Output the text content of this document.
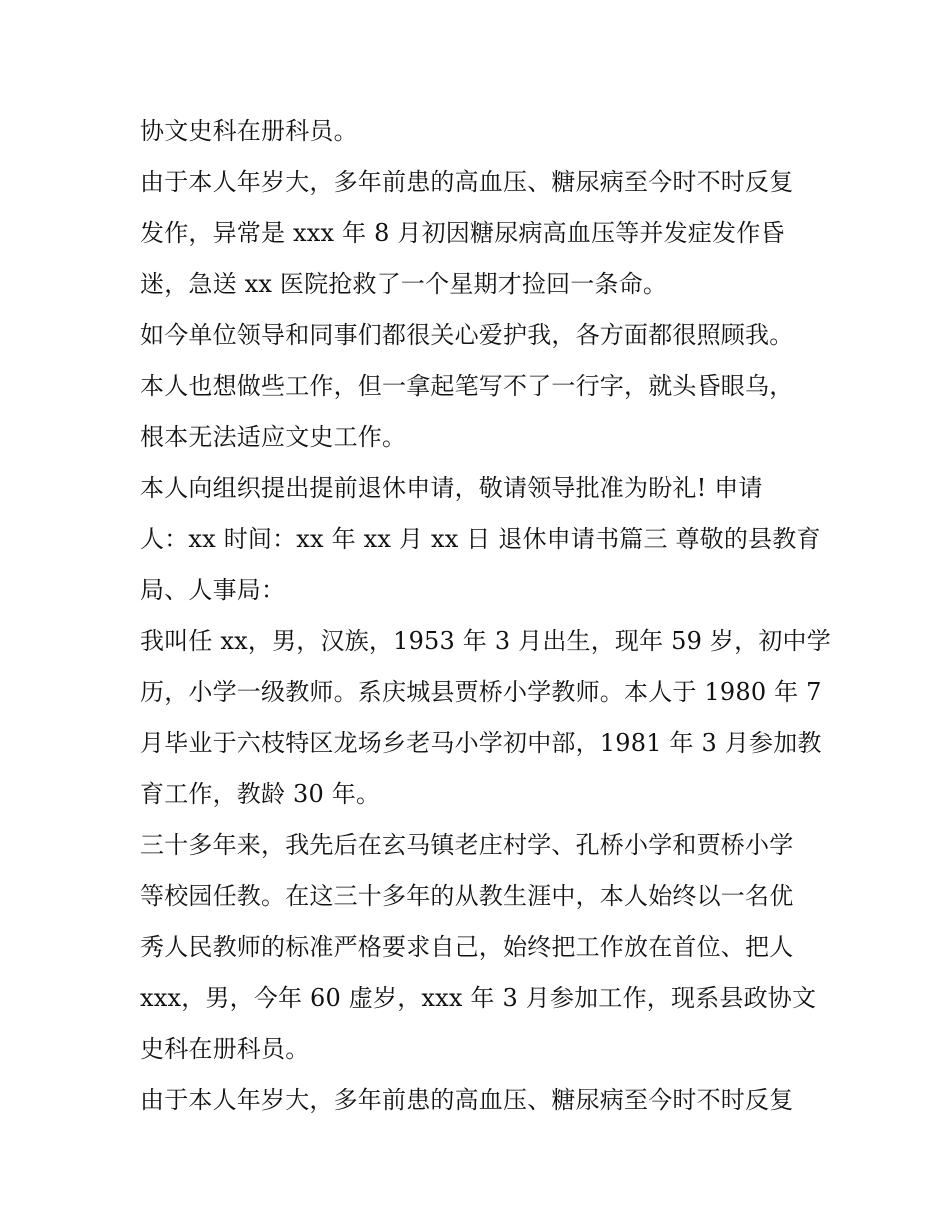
协文史科在册科员。
由于本人年岁大，多年前患的高血压、糖尿病至今时不时反复
发作，异常是 xxx 年 8 月初因糖尿病高血压等并发症发作昏
迷，急送 xx 医院抢救了一个星期才捡回一条命。
如今单位领导和同事们都很关心爱护我，各方面都很照顾我。
本人也想做些工作，但一拿起笔写不了一行字，就头昏眼乌，
根本无法适应文史工作。
本人向组织提出提前退休申请，敬请领导批准为盼礼! 申请
人：xx 时间：xx 年 xx 月 xx 日 退休申请书篇三 尊敬的县教育
局、人事局：
我叫任 xx，男，汉族，1953 年 3 月出生，现年 59 岁，初中学
历，小学一级教师。系庆城县贾桥小学教师。本人于 1980 年 7
月毕业于六枝特区龙场乡老马小学初中部，1981 年 3 月参加教
育工作，教龄 30 年。
三十多年来，我先后在玄马镇老庄村学、孔桥小学和贾桥小学
等校园任教。在这三十多年的从教生涯中，本人始终以一名优
秀人民教师的标准严格要求自己，始终把工作放在首位、把人
xxx，男，今年 60 虚岁，xxx 年 3 月参加工作，现系县政协文
史科在册科员。
由于本人年岁大，多年前患的高血压、糖尿病至今时不时反复
